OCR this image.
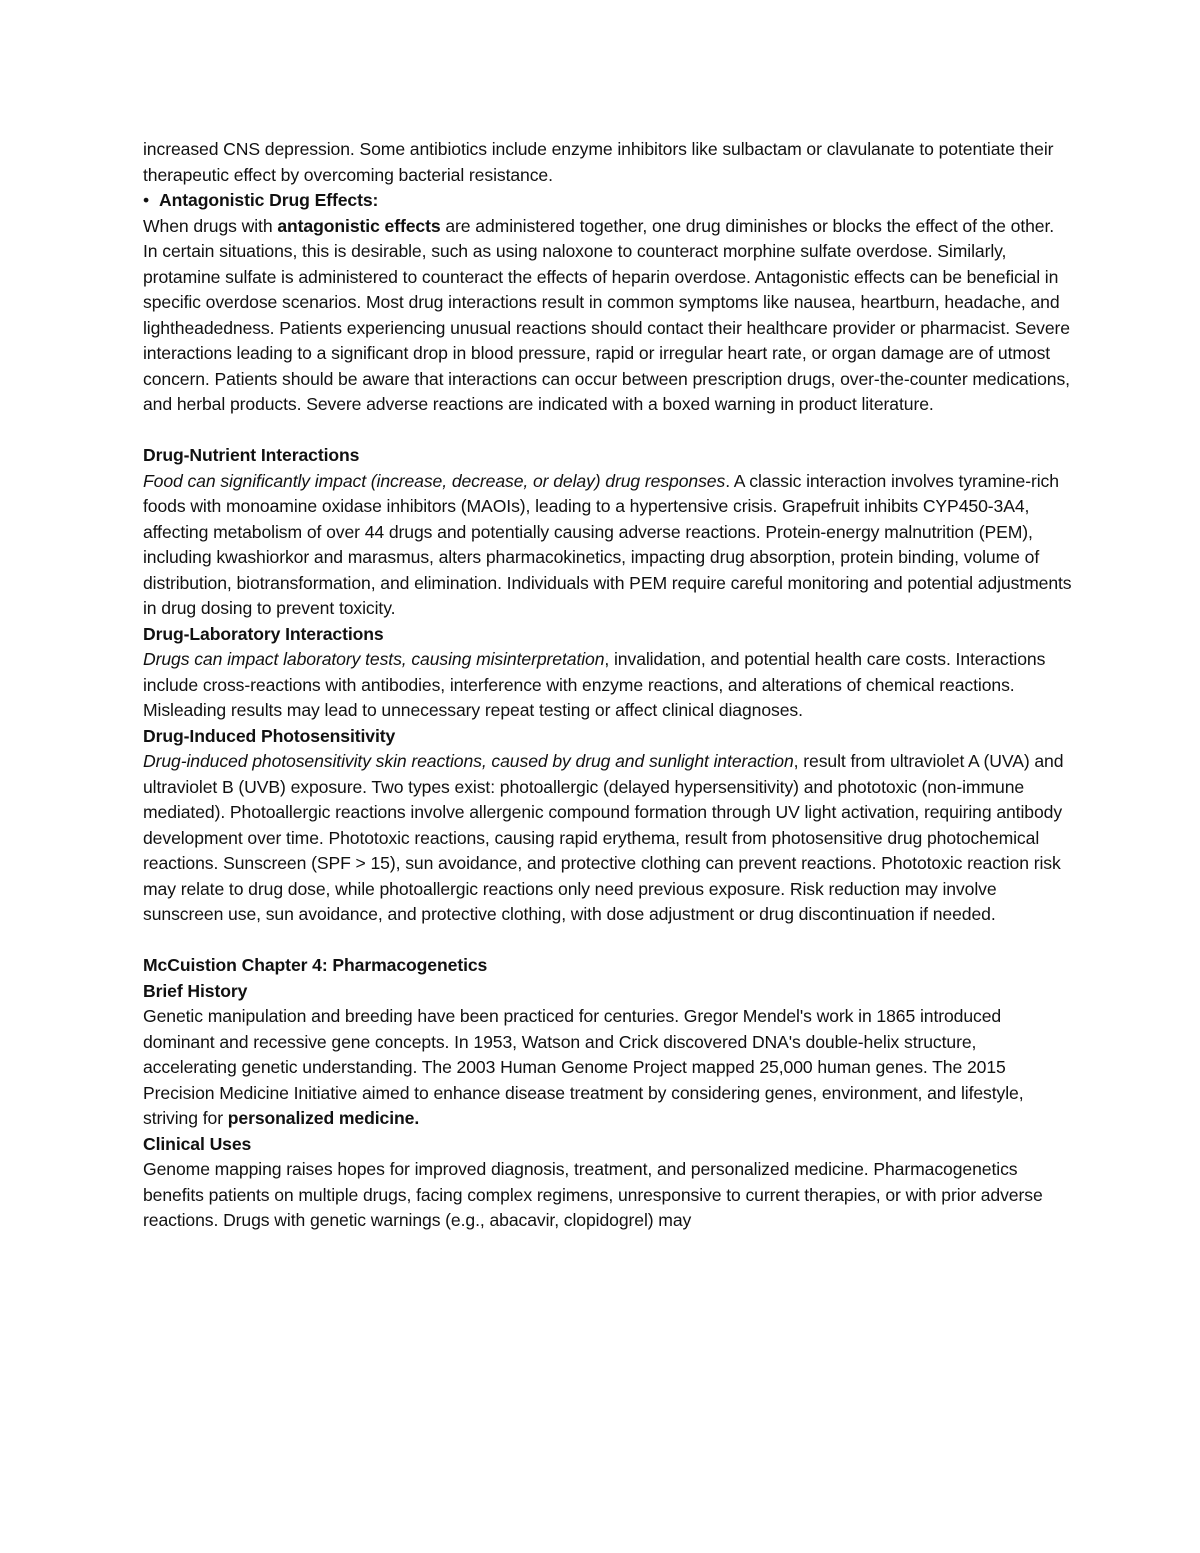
increased CNS depression. Some antibiotics include enzyme inhibitors like sulbactam or clavulanate to potentiate their therapeutic effect by overcoming bacterial resistance.

• Antagonistic Drug Effects:

When drugs with antagonistic effects are administered together, one drug diminishes or blocks the effect of the other. In certain situations, this is desirable, such as using naloxone to counteract morphine sulfate overdose. Similarly, protamine sulfate is administered to counteract the effects of heparin overdose. Antagonistic effects can be beneficial in specific overdose scenarios. Most drug interactions result in common symptoms like nausea, heartburn, headache, and lightheadedness. Patients experiencing unusual reactions should contact their healthcare provider or pharmacist. Severe interactions leading to a significant drop in blood pressure, rapid or irregular heart rate, or organ damage are of utmost concern. Patients should be aware that interactions can occur between prescription drugs, over-the-counter medications, and herbal products. Severe adverse reactions are indicated with a boxed warning in product literature.

Drug-Nutrient Interactions

Food can significantly impact (increase, decrease, or delay) drug responses. A classic interaction involves tyramine-rich foods with monoamine oxidase inhibitors (MAOIs), leading to a hypertensive crisis. Grapefruit inhibits CYP450-3A4, affecting metabolism of over 44 drugs and potentially causing adverse reactions. Protein-energy malnutrition (PEM), including kwashiorkor and marasmus, alters pharmacokinetics, impacting drug absorption, protein binding, volume of distribution, biotransformation, and elimination. Individuals with PEM require careful monitoring and potential adjustments in drug dosing to prevent toxicity.

Drug-Laboratory Interactions

Drugs can impact laboratory tests, causing misinterpretation, invalidation, and potential health care costs. Interactions include cross-reactions with antibodies, interference with enzyme reactions, and alterations of chemical reactions. Misleading results may lead to unnecessary repeat testing or affect clinical diagnoses.

Drug-Induced Photosensitivity

Drug-induced photosensitivity skin reactions, caused by drug and sunlight interaction, result from ultraviolet A (UVA) and ultraviolet B (UVB) exposure. Two types exist: photoallergic (delayed hypersensitivity) and phototoxic (non-immune mediated). Photoallergic reactions involve allergenic compound formation through UV light activation, requiring antibody development over time. Phototoxic reactions, causing rapid erythema, result from photosensitive drug photochemical reactions. Sunscreen (SPF > 15), sun avoidance, and protective clothing can prevent reactions. Phototoxic reaction risk may relate to drug dose, while photoallergic reactions only need previous exposure. Risk reduction may involve sunscreen use, sun avoidance, and protective clothing, with dose adjustment or drug discontinuation if needed.

McCuistion Chapter 4: Pharmacogenetics
Brief History

Genetic manipulation and breeding have been practiced for centuries. Gregor Mendel's work in 1865 introduced dominant and recessive gene concepts. In 1953, Watson and Crick discovered DNA's double-helix structure, accelerating genetic understanding. The 2003 Human Genome Project mapped 25,000 human genes. The 2015 Precision Medicine Initiative aimed to enhance disease treatment by considering genes, environment, and lifestyle, striving for personalized medicine.

Clinical Uses

Genome mapping raises hopes for improved diagnosis, treatment, and personalized medicine. Pharmacogenetics benefits patients on multiple drugs, facing complex regimens, unresponsive to current therapies, or with prior adverse reactions. Drugs with genetic warnings (e.g., abacavir, clopidogrel) may
